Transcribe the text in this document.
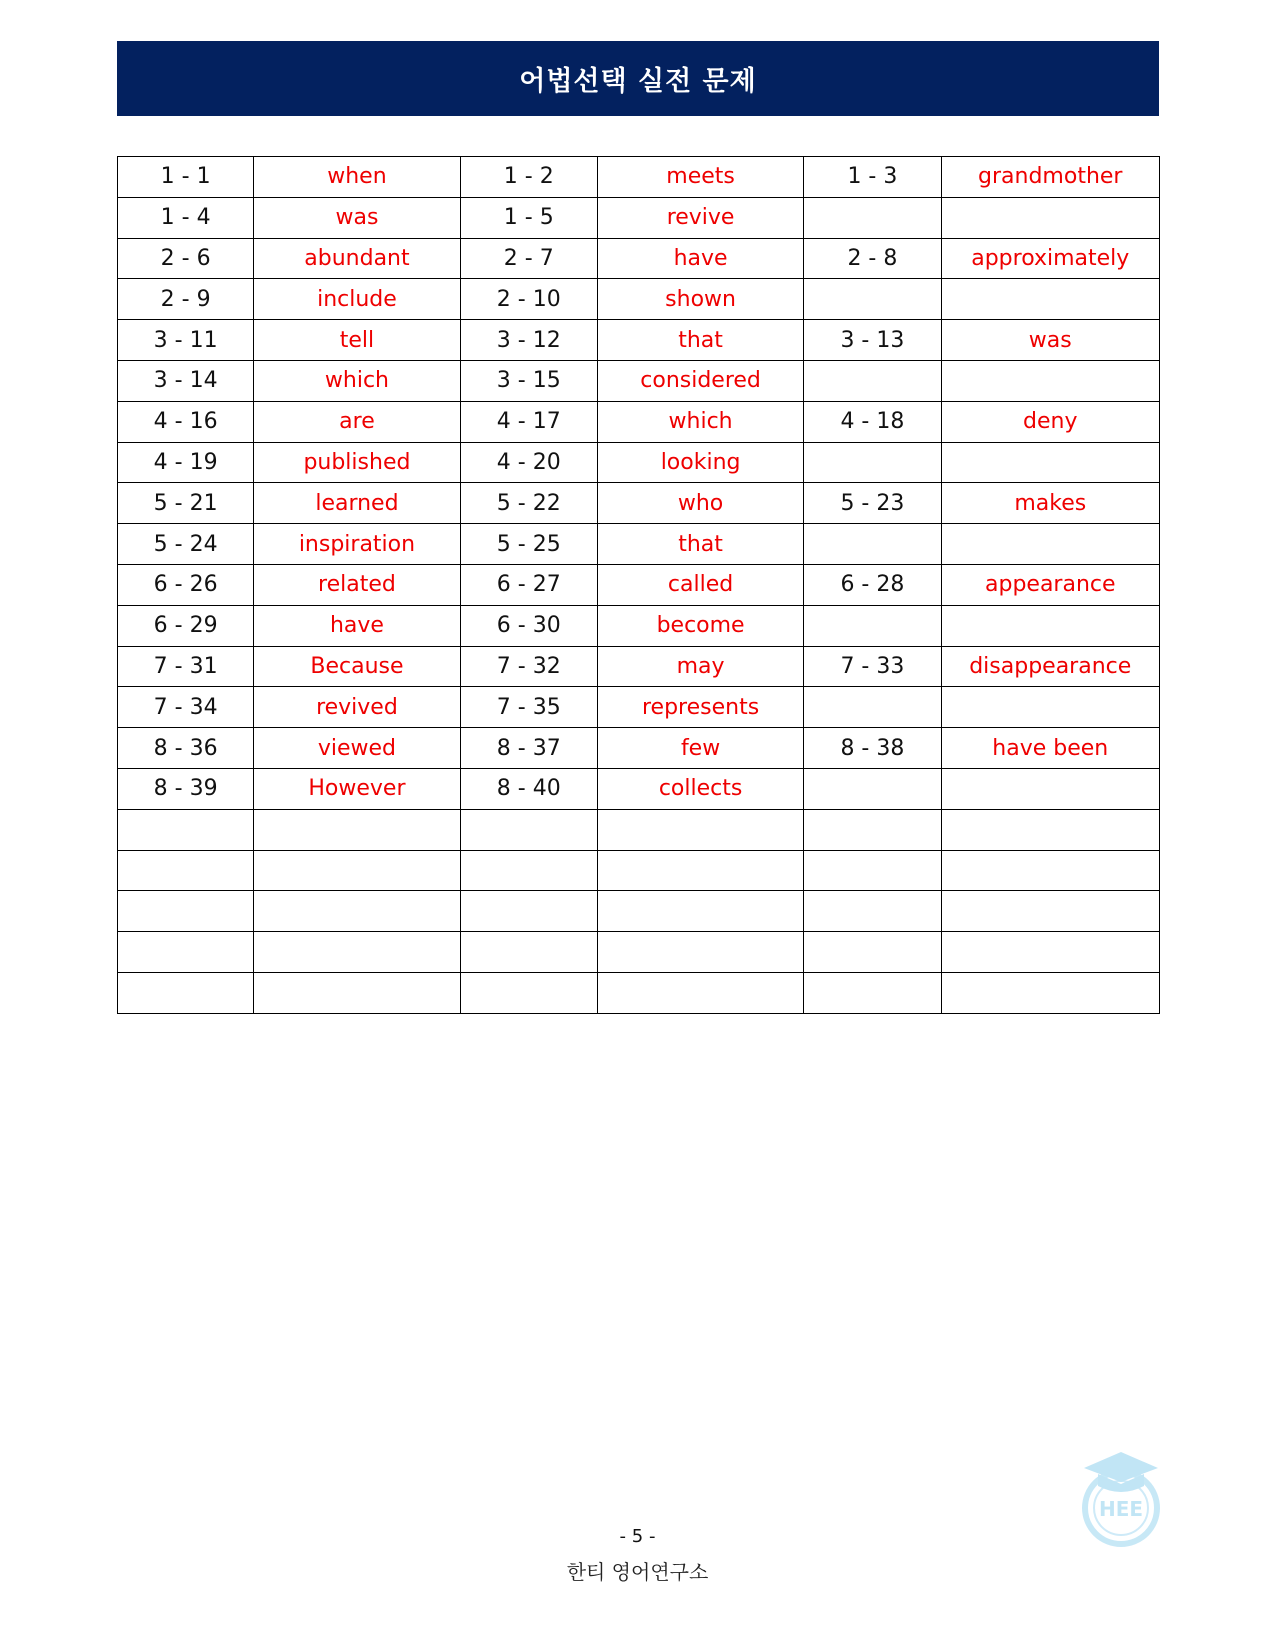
어법선택 실전 문제
1 - 1	when	1 - 2	meets	1 - 3	grandmother
1 - 4	was	1 - 5	revive		
2 - 6	abundant	2 - 7	have	2 - 8	approximately
2 - 9	include	2 - 10	shown		
3 - 11	tell	3 - 12	that	3 - 13	was
3 - 14	which	3 - 15	considered		
4 - 16	are	4 - 17	which	4 - 18	deny
4 - 19	published	4 - 20	looking		
5 - 21	learned	5 - 22	who	5 - 23	makes
5 - 24	inspiration	5 - 25	that		
6 - 26	related	6 - 27	called	6 - 28	appearance
6 - 29	have	6 - 30	become		
7 - 31	Because	7 - 32	may	7 - 33	disappearance
7 - 34	revived	7 - 35	represents		
8 - 36	viewed	8 - 37	few	8 - 38	have been
8 - 39	However	8 - 40	collects		

HEE
- 5 -
한티 영어연구소
